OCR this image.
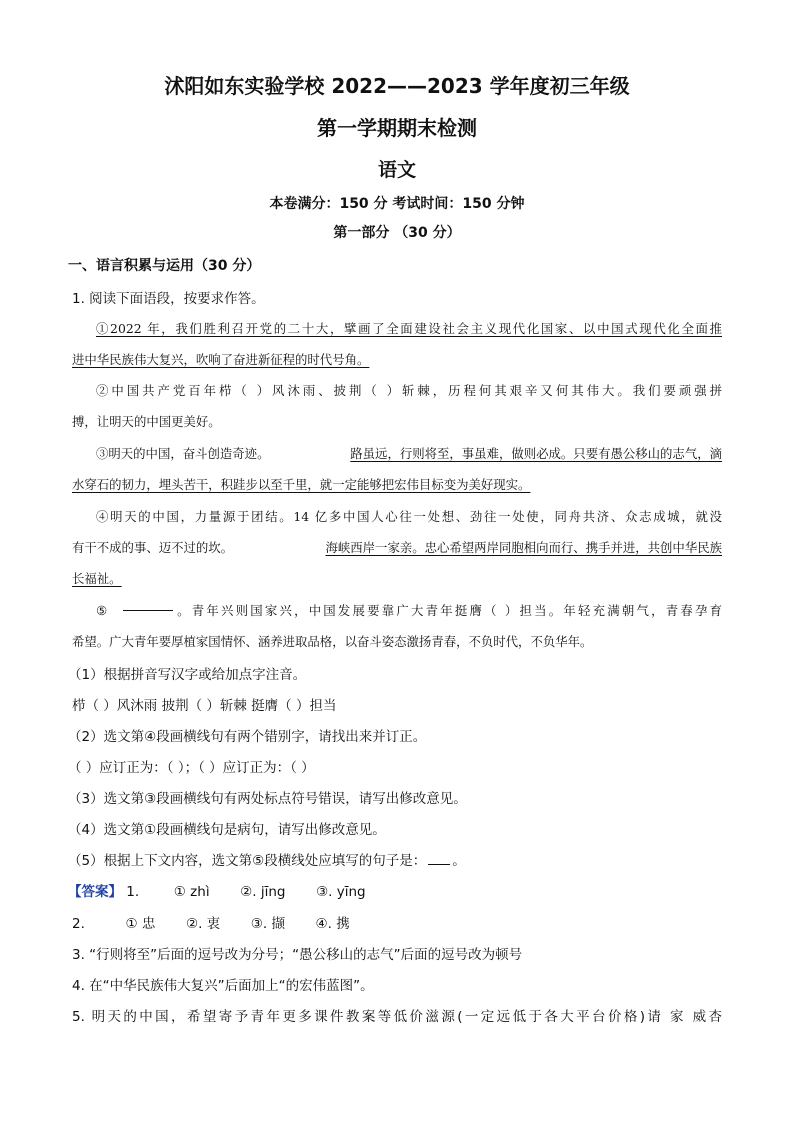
沭阳如东实验学校 2022——2023 学年度初三年级
第一学期期末检测
语文
本卷满分：150 分 考试时间：150 分钟
第一部分 （30 分）
一、语言积累与运用（30 分）
1. 阅读下面语段，按要求作答。
①2022 年，我们胜利召开党的二十大，擘画了全面建设社会主义现代化国家、以中国式现代化全面推
进中华民族伟大复兴，吹响了奋进新征程的时代号角。
②中国共产党百年栉（ ）风沐雨、披荆（ ）斩棘，历程何其艰辛又何其伟大。我们要顽强拼
搏，让明天的中国更美好。
③明天的中国，奋斗创造奇迹。	路虽远，行则将至，事虽难，做则必成。只要有愚公移山的志气，滴
水穿石的韧力，埋头苦干，积跬步以至千里，就一定能够把宏伟目标变为美好现实。
④明天的中国，力量源于团结。14 亿多中国人心往一处想、劲往一处使，同舟共济、众志成城，就没
有干不成的事、迈不过的坎。	海峡西岸一家亲。忠心希望两岸同胞相向而行、携手并进，共创中华民族
长福祉。
⑤	。青年兴则国家兴，中国发展要靠广大青年挺膺（ ）担当。年轻充满朝气，青春孕育
希望。广大青年要厚植家国情怀、涵养进取品格，以奋斗姿态激扬青春，不负时代，不负华年。
（1）根据拼音写汉字或给加点字注音。
栉（ ）风沐雨 披荆（ ）斩棘 挺膺（ ）担当
（2）选文第④段画横线句有两个错别字，请找出来并订正。
（ ）应订正为：（ ）；（ ）应订正为：（ ）
（3）选文第③段画横线句有两处标点符号错误，请写出修改意见。
（4）选文第①段画横线句是病句，请写出修改意见。
（5）根据上下文内容，选文第⑤段横线处应填写的句子是： 。
【答案】 1.	① zhì ②. jīng ③. yīng
2.	① 忠 ②. 衷 ③. 撷 ④. 携
3. “行则将至”后面的逗号改为分号；“愚公移山的志气”后面的逗号改为顿号
4. 在“中华民族伟大复兴”后面加上“的宏伟蓝图”。
5. 明天的中国，希望寄予青年更多课件教案等低价滋源(一定远低于各大平台价格)请 家 威杏
